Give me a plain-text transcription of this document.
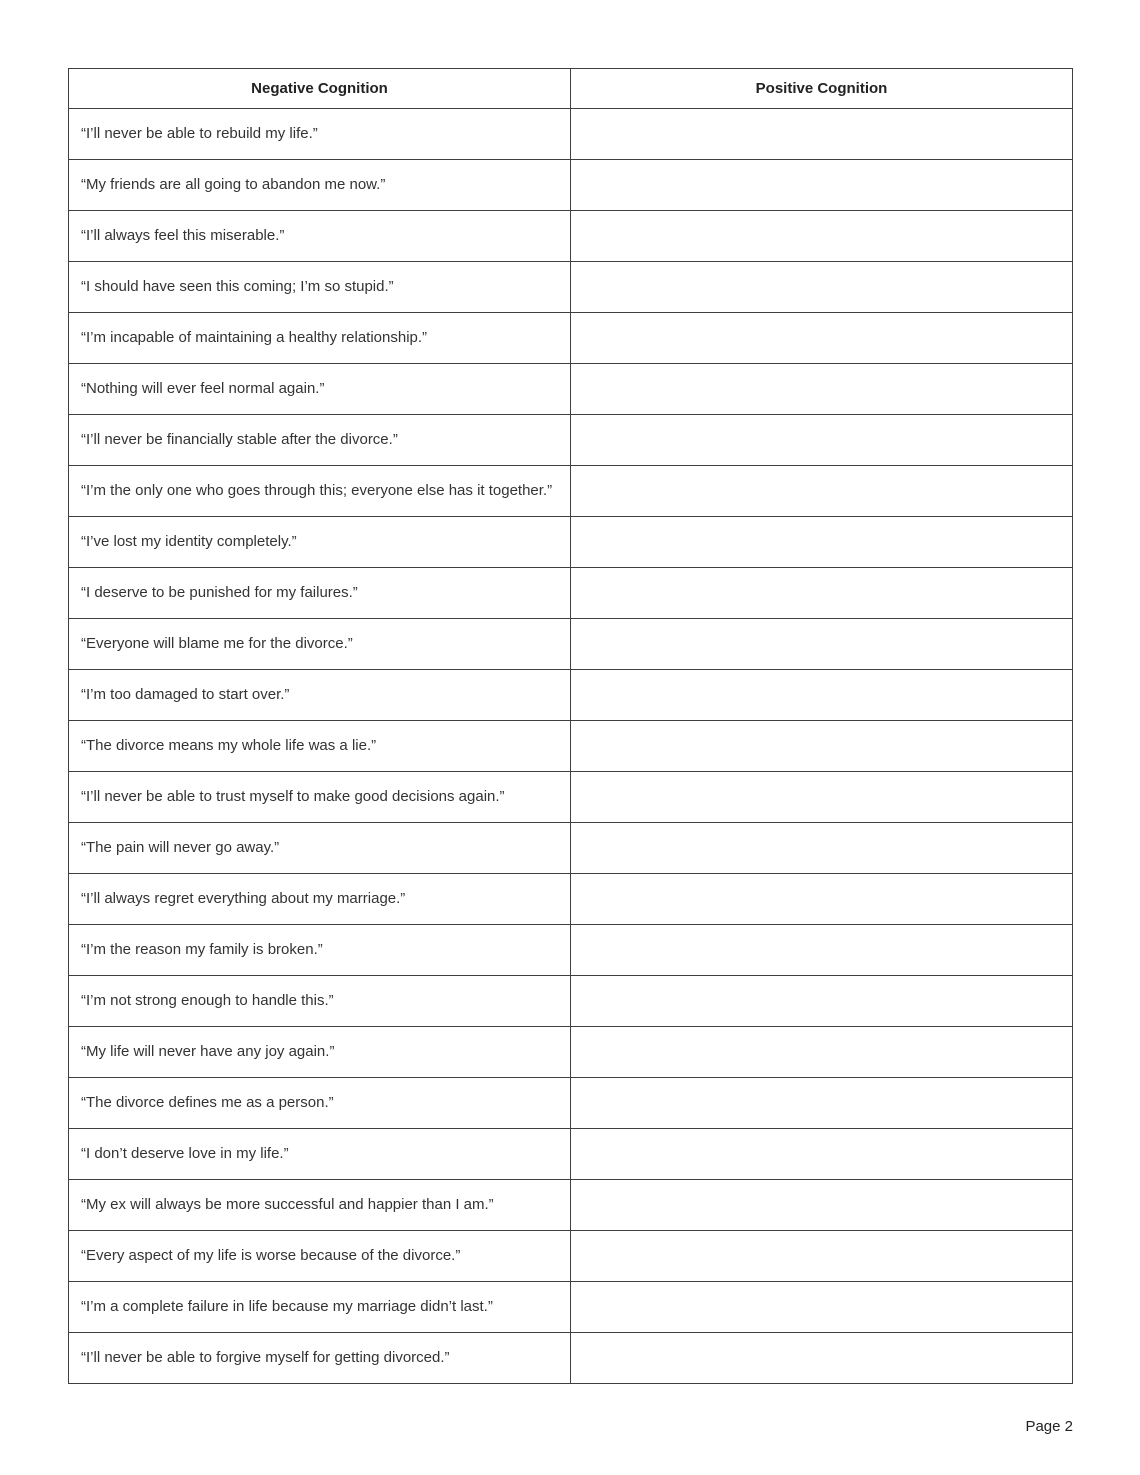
Negative Cognition	Positive Cognition
“I’ll never be able to rebuild my life.”	
“My friends are all going to abandon me now.”	
“I’ll always feel this miserable.”	
“I should have seen this coming; I’m so stupid.”	
“I’m incapable of maintaining a healthy relationship.”	
“Nothing will ever feel normal again.”	
“I’ll never be financially stable after the divorce.”	
“I’m the only one who goes through this; everyone else has it together.”	
“I’ve lost my identity completely.”	
“I deserve to be punished for my failures.”	
“Everyone will blame me for the divorce.”	
“I’m too damaged to start over.”	
“The divorce means my whole life was a lie.”	
“I’ll never be able to trust myself to make good decisions again.”	
“The pain will never go away.”	
“I’ll always regret everything about my marriage.”	
“I’m the reason my family is broken.”	
“I’m not strong enough to handle this.”	
“My life will never have any joy again.”	
“The divorce defines me as a person.”	
“I don’t deserve love in my life.”	
“My ex will always be more successful and happier than I am.”	
“Every aspect of my life is worse because of the divorce.”	
“I’m a complete failure in life because my marriage didn’t last.”	
“I’ll never be able to forgive myself for getting divorced.”	
Page 2
